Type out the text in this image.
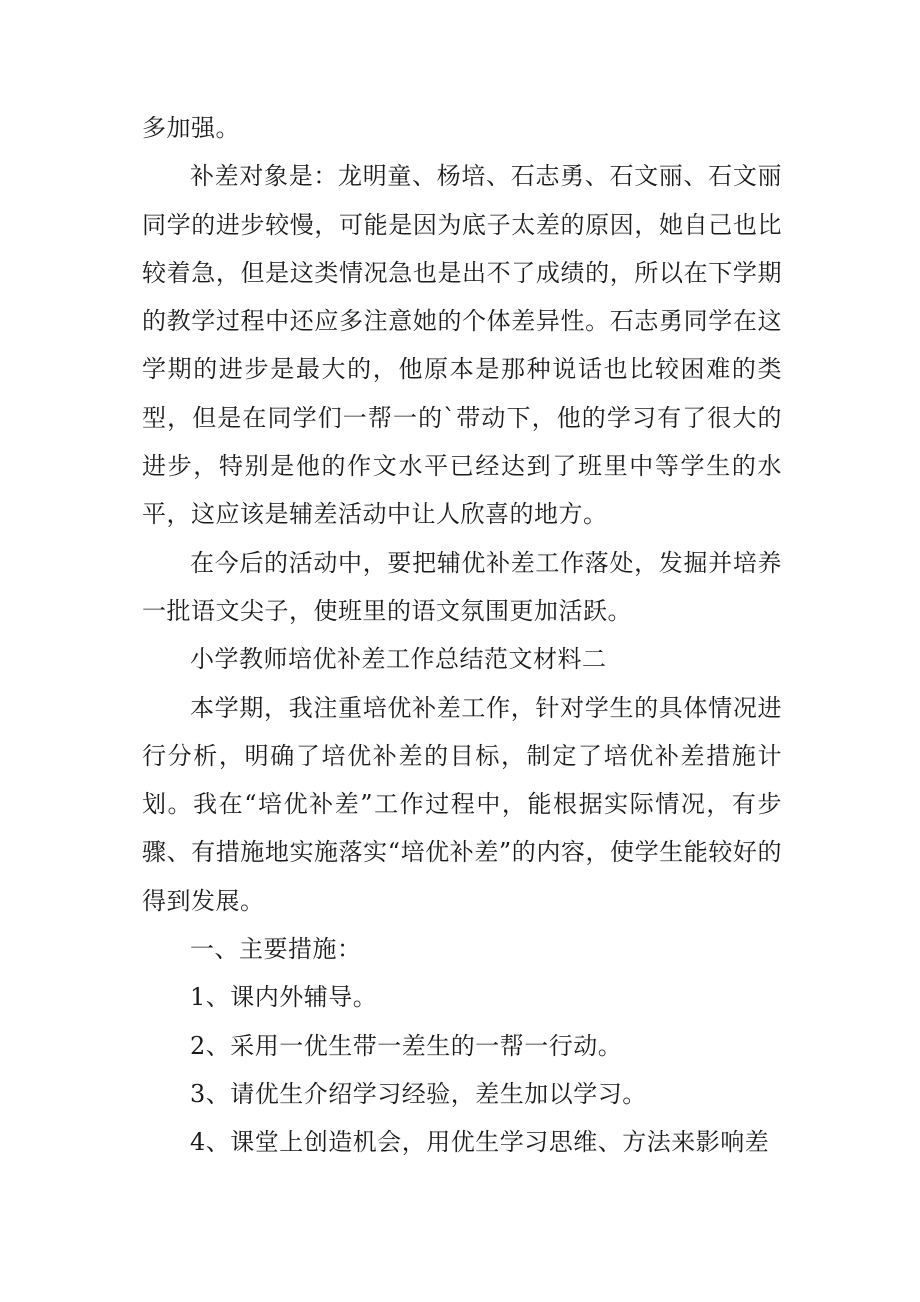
多加强。

补差对象是：龙明童、杨培、石志勇、石文丽、石文丽同学的进步较慢，可能是因为底子太差的原因，她自己也比较着急，但是这类情况急也是出不了成绩的，所以在下学期的教学过程中还应多注意她的个体差异性。石志勇同学在这学期的进步是最大的，他原本是那种说话也比较困难的类型，但是在同学们一帮一的`带动下，他的学习有了很大的进步，特别是他的作文水平已经达到了班里中等学生的水平，这应该是辅差活动中让人欣喜的地方。

在今后的活动中，要把辅优补差工作落处，发掘并培养一批语文尖子，使班里的语文氛围更加活跃。

小学教师培优补差工作总结范文材料二

本学期，我注重培优补差工作，针对学生的具体情况进行分析，明确了培优补差的目标，制定了培优补差措施计划。我在“培优补差”工作过程中，能根据实际情况，有步骤、有措施地实施落实“培优补差”的内容，使学生能较好的得到发展。

一、主要措施：

1、课内外辅导。

2、采用一优生带一差生的一帮一行动。

3、请优生介绍学习经验，差生加以学习。

4、课堂上创造机会，用优生学习思维、方法来影响差
